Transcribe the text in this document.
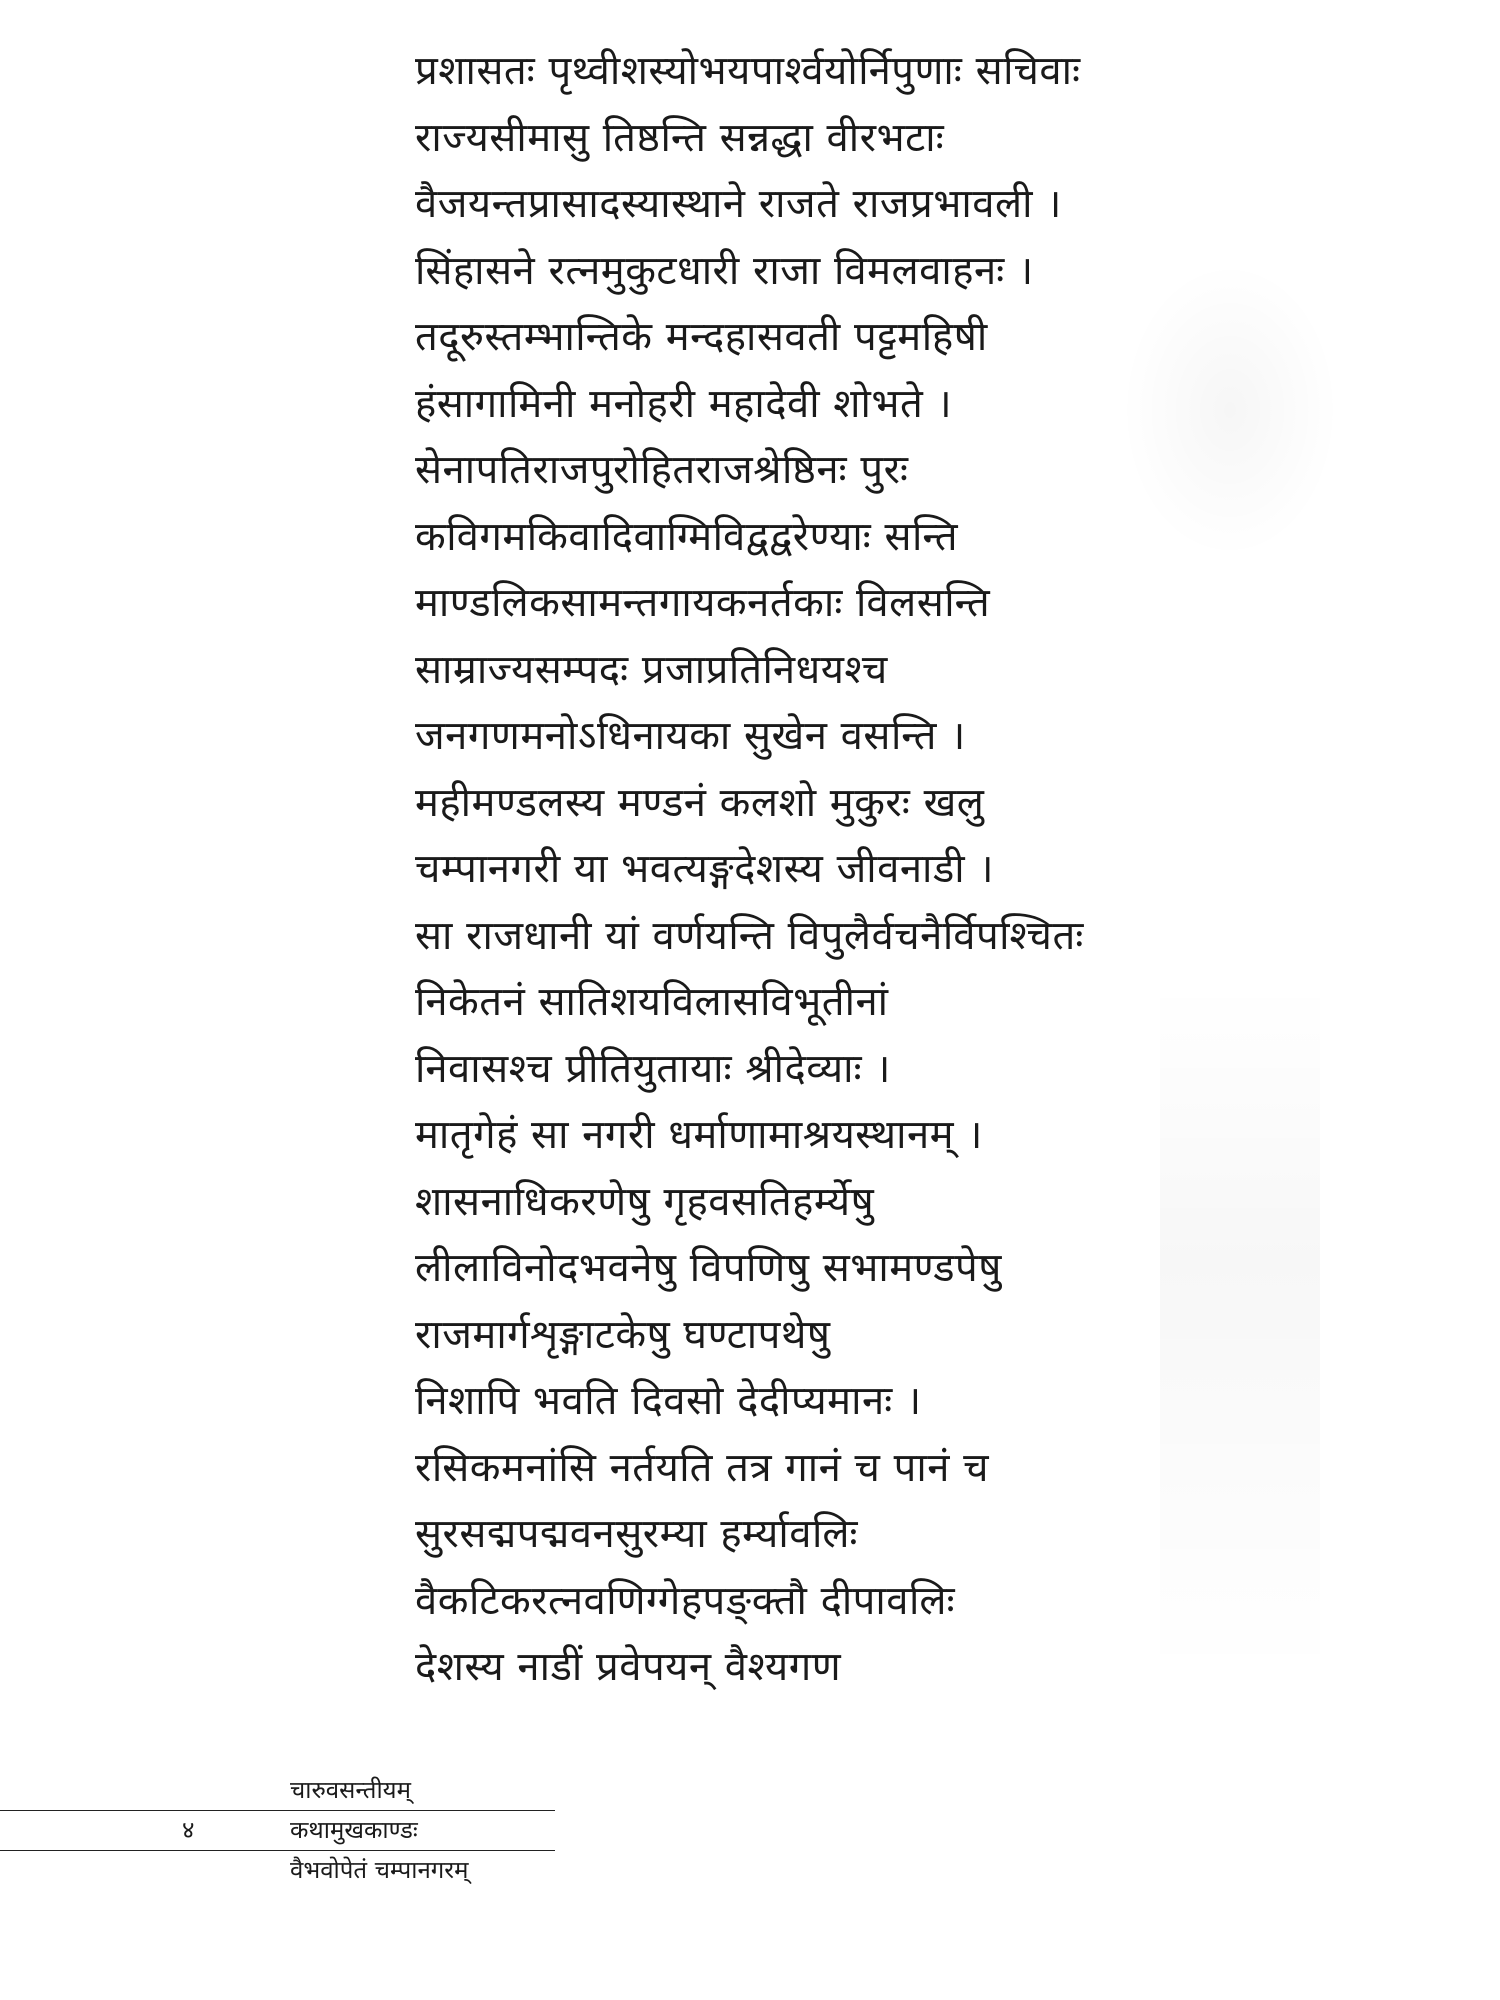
प्रशासतः पृथ्वीशस्योभयपार्श्वयोर्निपुणाः सचिवाः
राज्यसीमासु तिष्ठन्ति सन्नद्धा वीरभटाः
वैजयन्तप्रासादस्यास्थाने राजते राजप्रभावली ।
सिंहासने रत्नमुकुटधारी राजा विमलवाहनः ।
तदूरुस्तम्भान्तिके मन्दहासवती पट्टमहिषी
हंसागामिनी मनोहरी महादेवी शोभते ।
सेनापतिराजपुरोहितराजश्रेष्ठिनः पुरः
कविगमकिवादिवाग्मिविद्वद्वरेण्याः सन्ति
माण्डलिकसामन्तगायकनर्तकाः विलसन्ति
साम्राज्यसम्पदः प्रजाप्रतिनिधयश्च
जनगणमनोऽधिनायका सुखेन वसन्ति ।
महीमण्डलस्य मण्डनं कलशो मुकुरः खलु
चम्पानगरी या भवत्यङ्गदेशस्य जीवनाडी ।
सा राजधानी यां वर्णयन्ति विपुलैर्वचनैर्विपश्चितः
निकेतनं सातिशयविलासविभूतीनां
निवासश्च प्रीतियुतायाः श्रीदेव्याः ।
मातृगेहं सा नगरी धर्माणामाश्रयस्थानम् ।
शासनाधिकरणेषु गृहवसतिहर्म्येषु
लीलाविनोदभवनेषु विपणिषु सभामण्डपेषु
राजमार्गशृङ्गाटकेषु घण्टापथेषु
निशापि भवति दिवसो देदीप्यमानः ।
रसिकमनांसि नर्तयति तत्र गानं च पानं च
सुरसद्मपद्मवनसुरम्या हर्म्यावलिः
वैकटिकरत्नवणिग्गेहपङ्क्तौ दीपावलिः
देशस्य नाडीं प्रवेपयन् वैश्यगण
चारुवसन्तीयम्
४	कथामुखकाण्डः
वैभवोपेतं चम्पानगरम्
